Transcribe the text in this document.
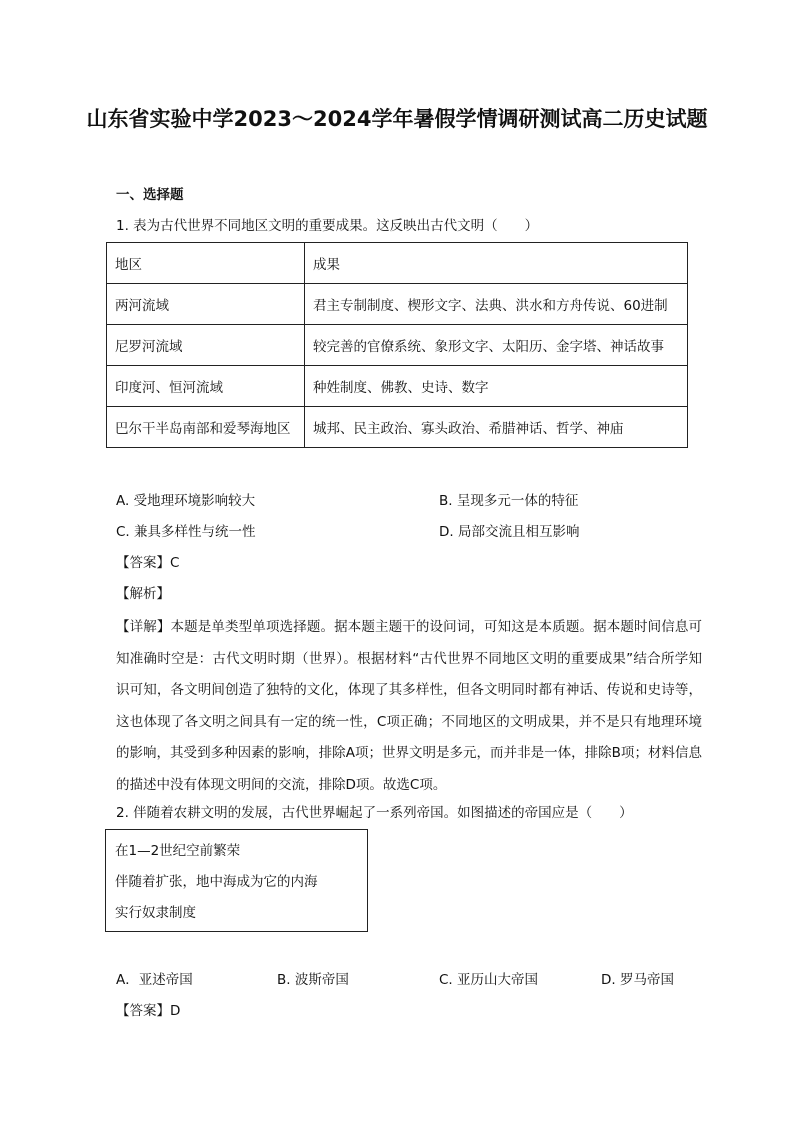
山东省实验中学2023～2024学年暑假学情调研测试高二历史试题
一、选择题
1. 表为古代世界不同地区文明的重要成果。这反映出古代文明（　　）
地区	成果
两河流域	君主专制制度、楔形文字、法典、洪水和方舟传说、60进制
尼罗河流域	较完善的官僚系统、象形文字、太阳历、金字塔、神话故事
印度河、恒河流域	种姓制度、佛教、史诗、数字
巴尔干半岛南部和爱琴海地区	城邦、民主政治、寡头政治、希腊神话、哲学、神庙
A. 受地理环境影响较大	B. 呈现多元一体的特征
C. 兼具多样性与统一性	D. 局部交流且相互影响
【答案】C
【解析】

【详解】本题是单类型单项选择题。据本题主题干的设问词，可知这是本质题。据本题时间信息可知准确时空是：古代文明时期（世界）。根据材料“古代世界不同地区文明的重要成果”结合所学知识可知，各文明间创造了独特的文化，体现了其多样性，但各文明同时都有神话、传说和史诗等，这也体现了各文明之间具有一定的统一性，C项正确；不同地区的文明成果，并不是只有地理环境的影响，其受到多种因素的影响，排除A项；世界文明是多元，而并非是一体，排除B项；材料信息的描述中没有体现文明间的交流，排除D项。故选C项。

2. 伴随着农耕文明的发展，古代世界崛起了一系列帝国。如图描述的帝国应是（　　）
在1—2世纪空前繁荣
伴随着扩张，地中海成为它的内海
实行奴隶制度
A．亚述帝国	B. 波斯帝国	C. 亚历山大帝国	D. 罗马帝国
【答案】D
